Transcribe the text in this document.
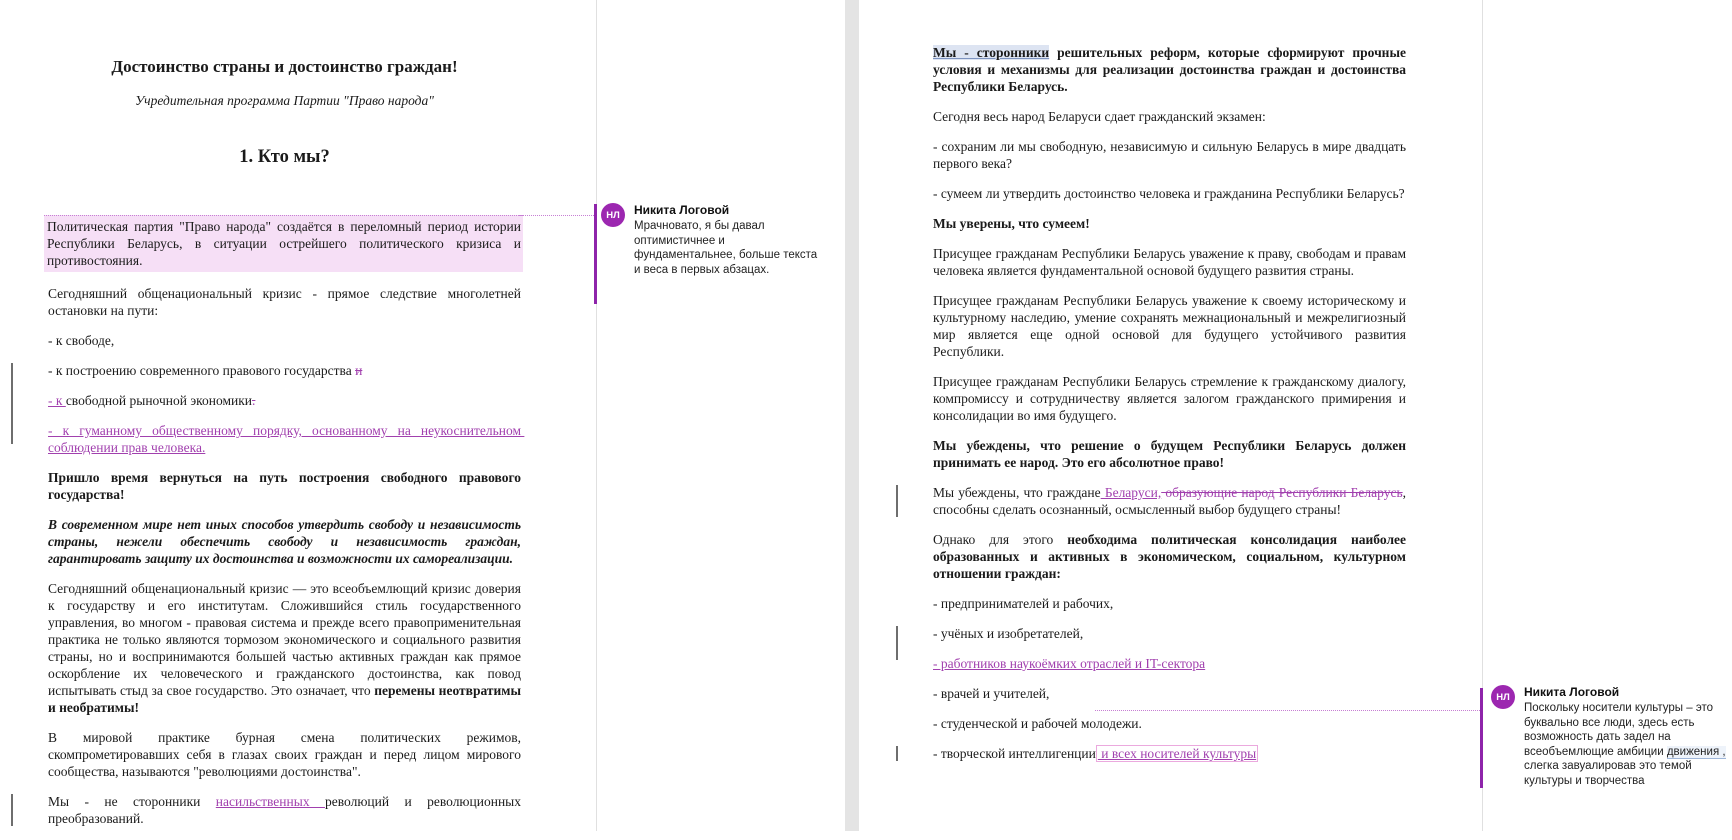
Достоинство страны и достоинство граждан!
Учредительная программа Партии "Право народа"
1. Кто мы?
Политическая партия "Право народа" создаётся в переломный период истории Республики Беларусь, в ситуации острейшего политического кризиса и противостояния.
Сегодняшний общенациональный кризис - прямое следствие многолетней остановки на пути:
- к свободе,
- к построению современного правового государства и
- к свободной рыночной экономики.
- к гуманному общественному порядку, основанному на неукоснительном соблюдении прав человека.
Пришло время вернуться на путь построения свободного правового государства!
В современном мире нет иных способов утвердить свободу и независимость страны, нежели обеспечить свободу и независимость граждан, гарантировать защиту их достоинства и возможности их самореализации.
Сегодняшний общенациональный кризис — это всеобъемлющий кризис доверия к государству и его институтам. Сложившийся стиль государственного управления, во многом - правовая система и прежде всего правоприменительная практика не только являются тормозом экономического и социального развития страны, но и воспринимаются большей частью активных граждан как прямое оскорбление их человеческого и гражданского достоинства, как повод испытывать стыд за свое государство. Это означает, что перемены неотвратимы и необратимы!
В мировой практике бурная смена политических режимов, скомпрометировавших себя в глазах своих граждан и перед лицом мирового сообщества, называются "революциями достоинства".
Мы - не сторонники насильственных революций и революционных преобразований.
Мы - сторонники решительных реформ, которые сформируют прочные условия и механизмы для реализации достоинства граждан и достоинства Республики Беларусь.
Сегодня весь народ Беларуси сдает гражданский экзамен:
- сохраним ли мы свободную, независимую и сильную Беларусь в мире двадцать первого века?
- сумеем ли утвердить достоинство человека и гражданина Республики Беларусь?
Мы уверены, что сумеем!
Присущее гражданам Республики Беларусь уважение к праву, свободам и правам человека является фундаментальной основой будущего развития страны.
Присущее гражданам Республики Беларусь уважение к своему историческому и культурному наследию, умение сохранять межнациональный и межрелигиозный мир является еще одной основой для будущего устойчивого развития Республики.
Присущее гражданам Республики Беларусь стремление к гражданскому диалогу, компромиссу и сотрудничеству является залогом гражданского примирения и консолидации во имя будущего.
Мы убеждены, что решение о будущем Республики Беларусь должен принимать ее народ. Это его абсолютное право!
Мы убеждены, что граждане Беларуси, образующие народ Республики Беларусь, способны сделать осознанный, осмысленный выбор будущего страны!
Однако для этого необходима политическая консолидация наиболее образованных и активных в экономическом, социальном, культурном отношении граждан:
- предпринимателей и рабочих,
- учёных и изобретателей,
- работников наукоёмких отраслей и IT-сектора
- врачей и учителей,
- студенческой и рабочей молодежи.
- творческой интеллигенции и всех носителей культуры
НЛ	Никита Логовой
Мрачновато, я бы давал оптимистичнее и фундаментальнее, больше текста и веса в первых абзацах.
НЛ	Никита Логовой
Поскольку носители культуры – это буквально все люди, здесь есть возможность дать задел на всеобъемлющие амбиции движения , слегка завуалировав это темой культуры и творчества
